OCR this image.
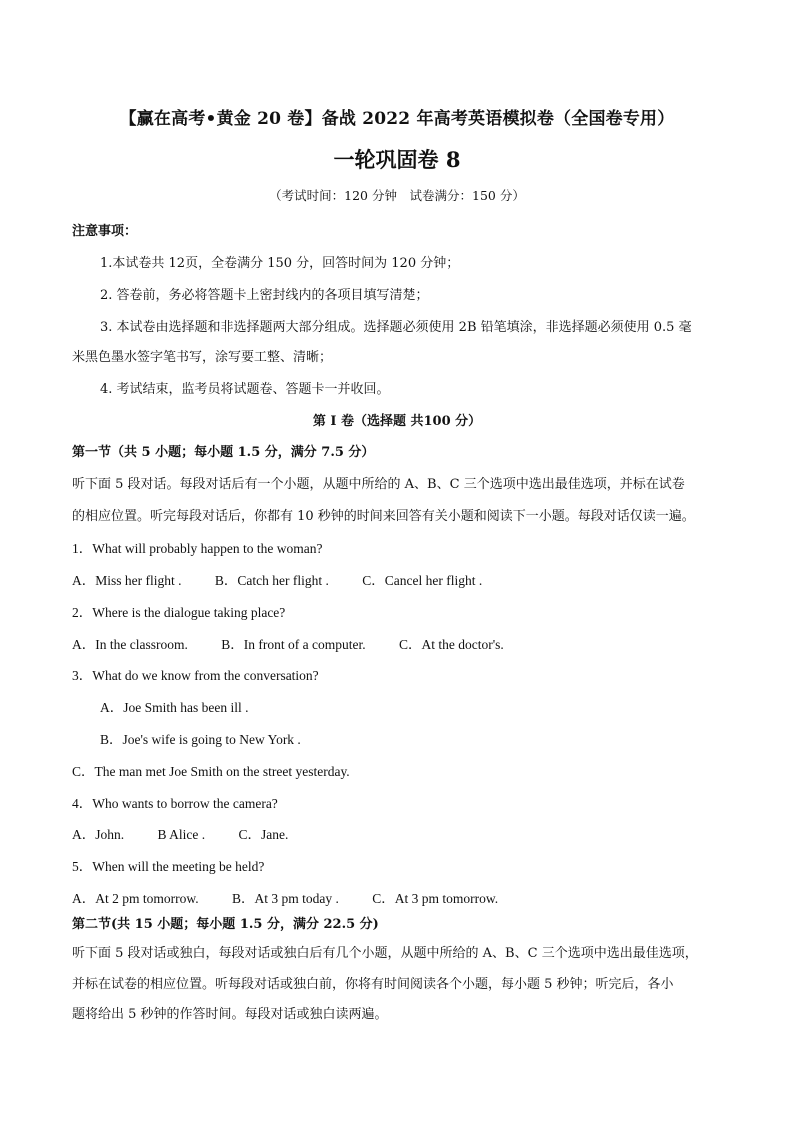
【赢在高考•黄金 20 卷】备战 2022 年高考英语模拟卷（全国卷专用）
一轮巩固卷 8
（考试时间：120 分钟　试卷满分：150 分）
注意事项：
1.本试卷共 12页，全卷满分 150 分，回答时间为 120 分钟；
2. 答卷前，务必将答题卡上密封线内的各项目填写清楚；
3. 本试卷由选择题和非选择题两大部分组成。选择题必须使用 2B 铅笔填涂，非选择题必须使用 0.5 毫
米黑色墨水签字笔书写，涂写要工整、清晰；
4. 考试结束，监考员将试题卷、答题卡一并收回。
第 I 卷（选择题 共100 分）
第一节（共 5 小题；每小题 1.5 分，满分 7.5 分）
听下面 5 段对话。每段对话后有一个小题，从题中所给的 A、B、C 三个选项中选出最佳选项，并标在试卷
的相应位置。听完每段对话后，你都有 10 秒钟的时间来回答有关小题和阅读下一小题。每段对话仅读一遍。
1．What will probably happen to the woman?
A．Miss her flight . B．Catch her flight . C．Cancel her flight .
2．Where is the dialogue taking place?
A．In the classroom. B．In front of a computer. C．At the doctor's.
3．What do we know from the conversation?
A．Joe Smith has been ill .
B．Joe's wife is going to New York .
C．The man met Joe Smith on the street yesterday.
4．Who wants to borrow the camera?
A．John. B Alice . C．Jane.
5．When will the meeting be held?
A．At 2 pm tomorrow. B．At 3 pm today . C．At 3 pm tomorrow.
第二节(共 15 小题；每小题 1.5 分，满分 22.5 分)
听下面 5 段对话或独白，每段对话或独白后有几个小题，从题中所给的 A、B、C 三个选项中选出最佳选项，
并标在试卷的相应位置。听每段对话或独白前，你将有时间阅读各个小题，每小题 5 秒钟；听完后，各小
题将给出 5 秒钟的作答时间。每段对话或独白读两遍。
